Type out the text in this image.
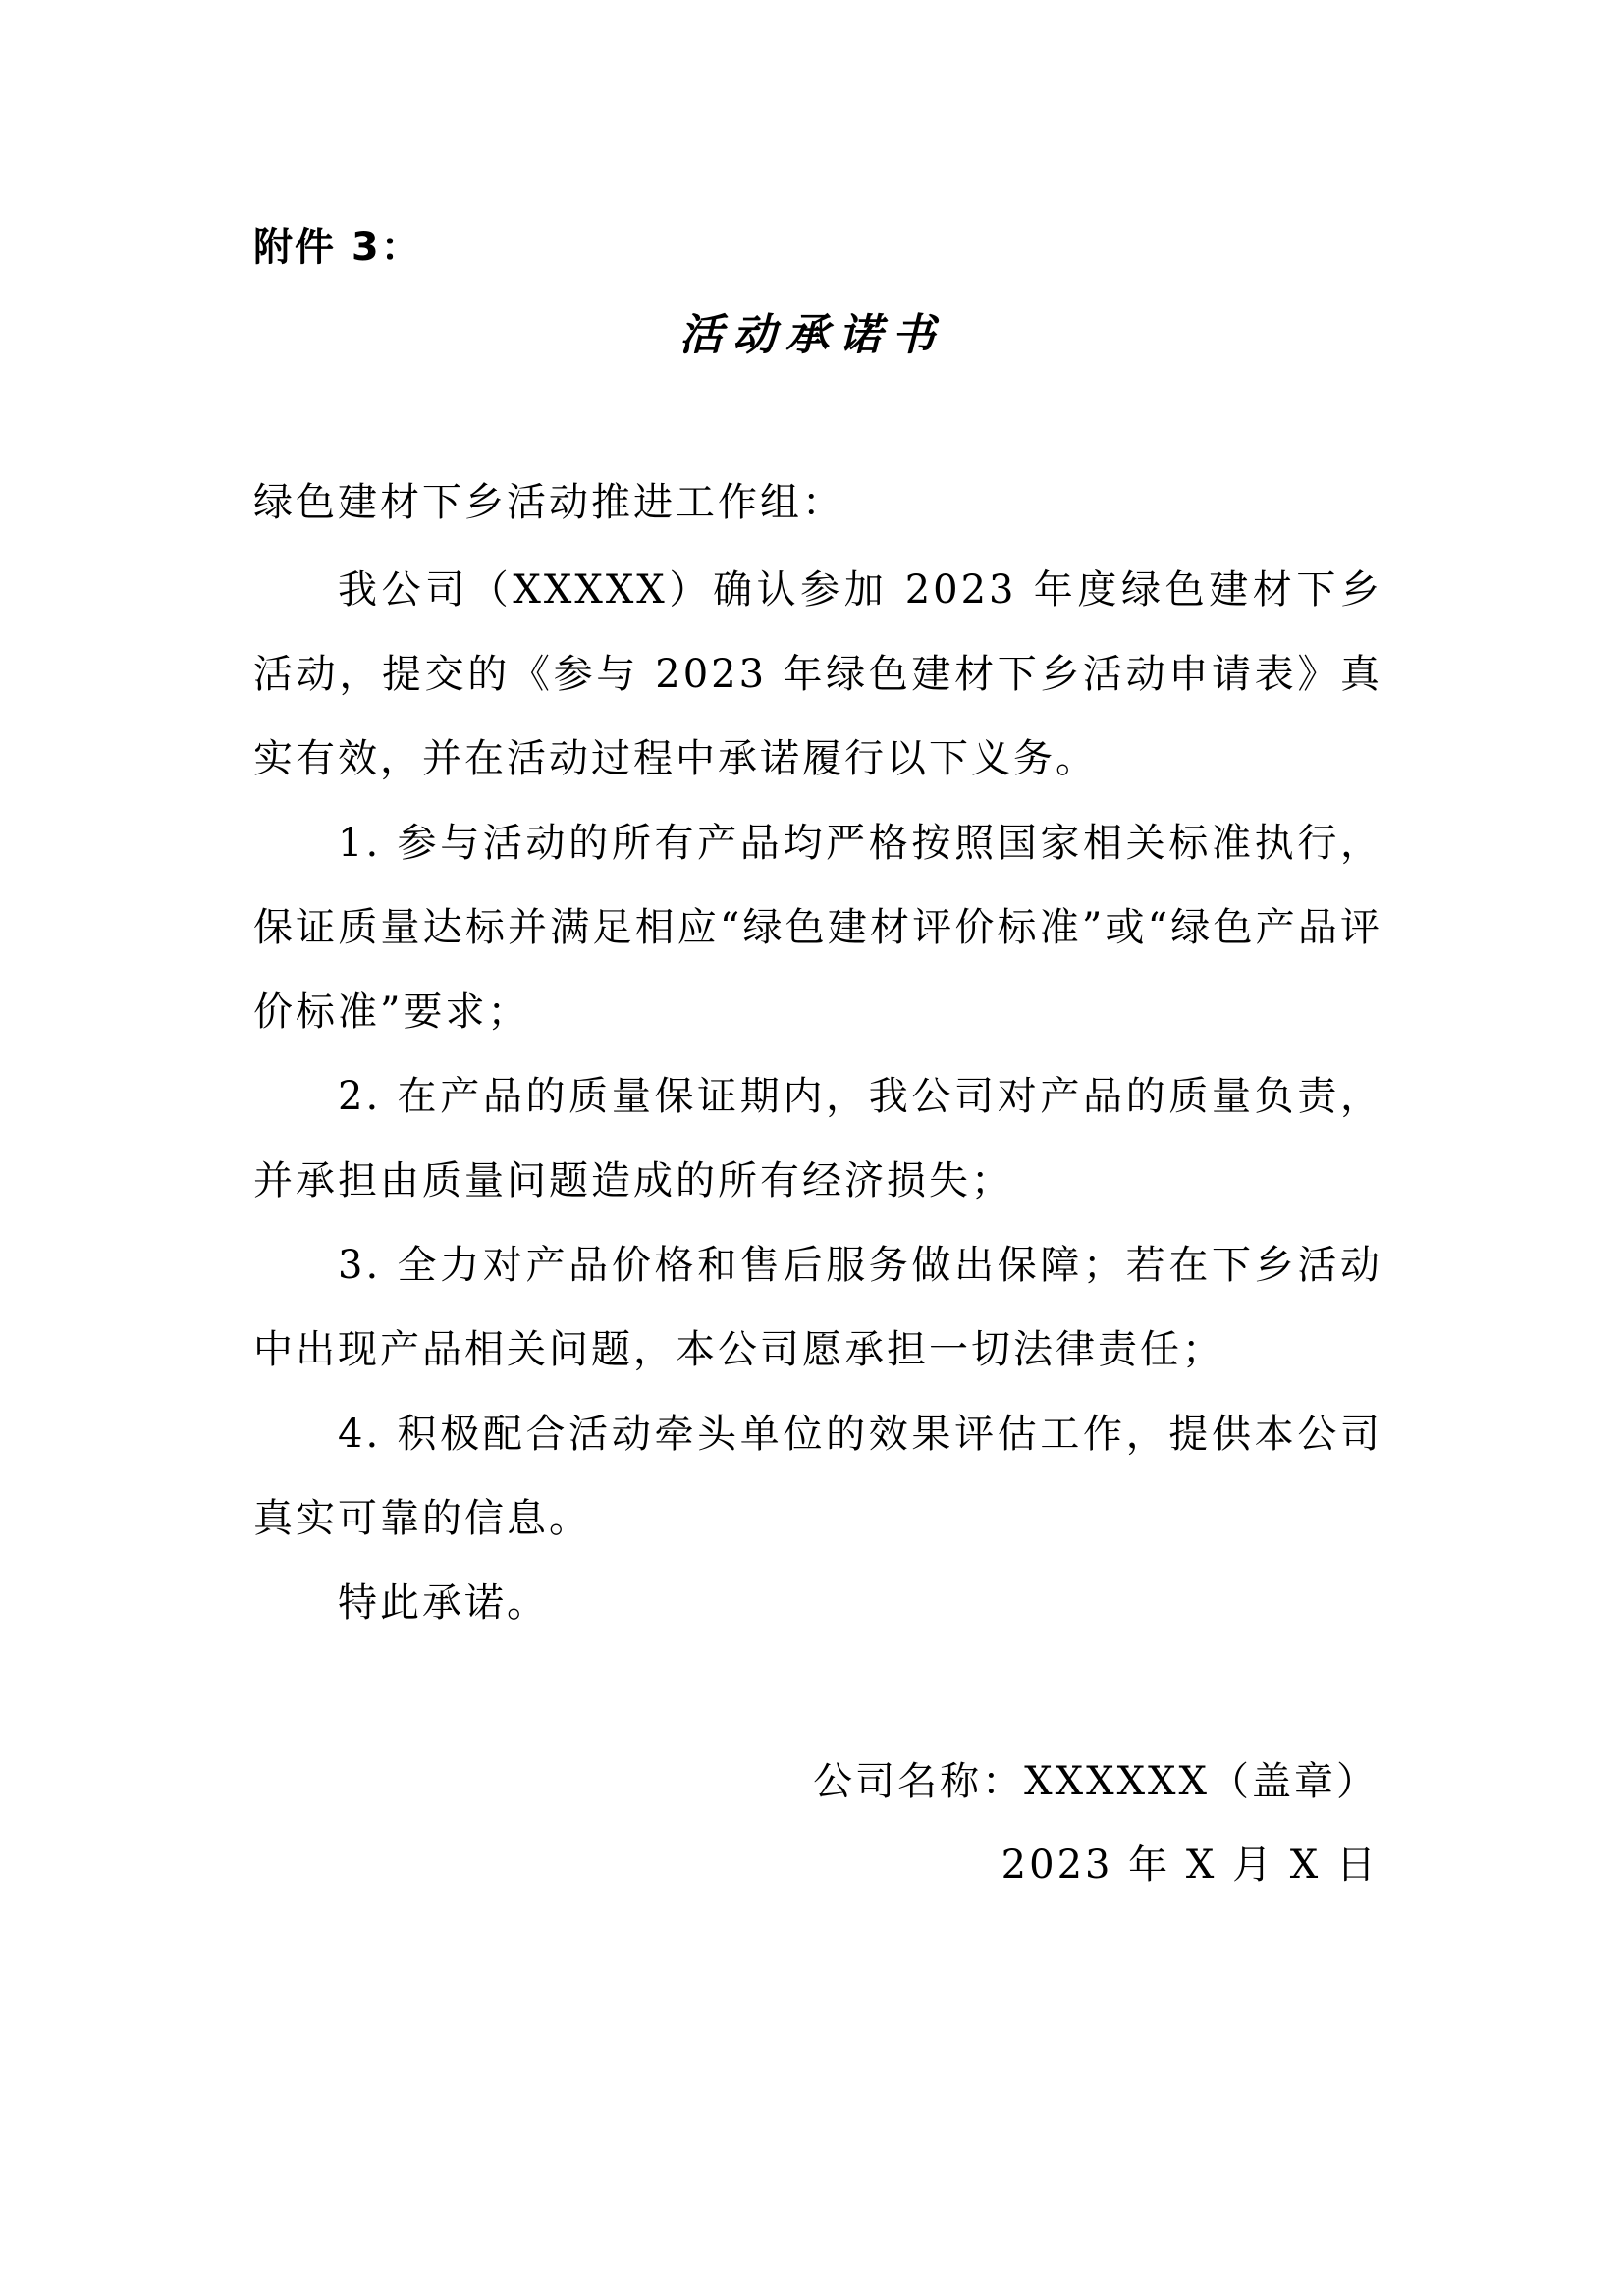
附件 3：
活动承诺书
绿色建材下乡活动推进工作组：

我公司（XXXXX）确认参加 2023 年度绿色建材下乡活动，提交的《参与 2023 年绿色建材下乡活动申请表》真实有效，并在活动过程中承诺履行以下义务。

1. 参与活动的所有产品均严格按照国家相关标准执行，保证质量达标并满足相应“绿色建材评价标准”或“绿色产品评价标准”要求；

2. 在产品的质量保证期内，我公司对产品的质量负责，并承担由质量问题造成的所有经济损失；

3. 全力对产品价格和售后服务做出保障；若在下乡活动中出现产品相关问题，本公司愿承担一切法律责任；

4. 积极配合活动牵头单位的效果评估工作，提供本公司真实可靠的信息。

特此承诺。

公司名称：XXXXXX（盖章）
2023 年 X 月 X 日
